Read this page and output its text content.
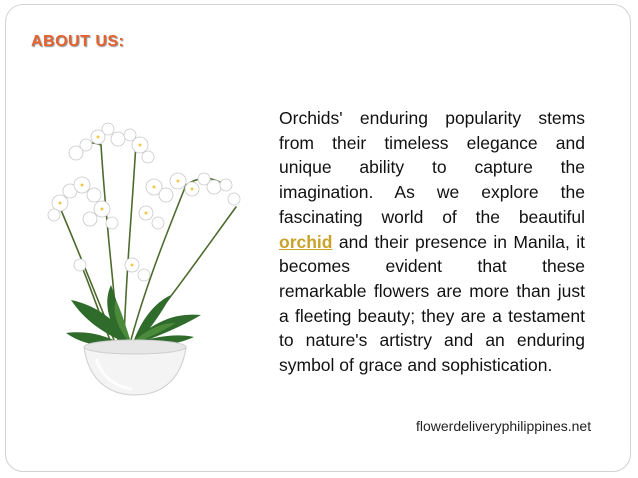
ABOUT US:

Orchids' enduring popularity stems from their timeless elegance and unique ability to capture the imagination. As we explore the fascinating world of the beautiful orchid and their presence in Manila, it becomes evident that these remarkable flowers are more than just a fleeting beauty; they are a testament to nature's artistry and an enduring symbol of grace and sophistication.

flowerdeliveryphilippines.net
